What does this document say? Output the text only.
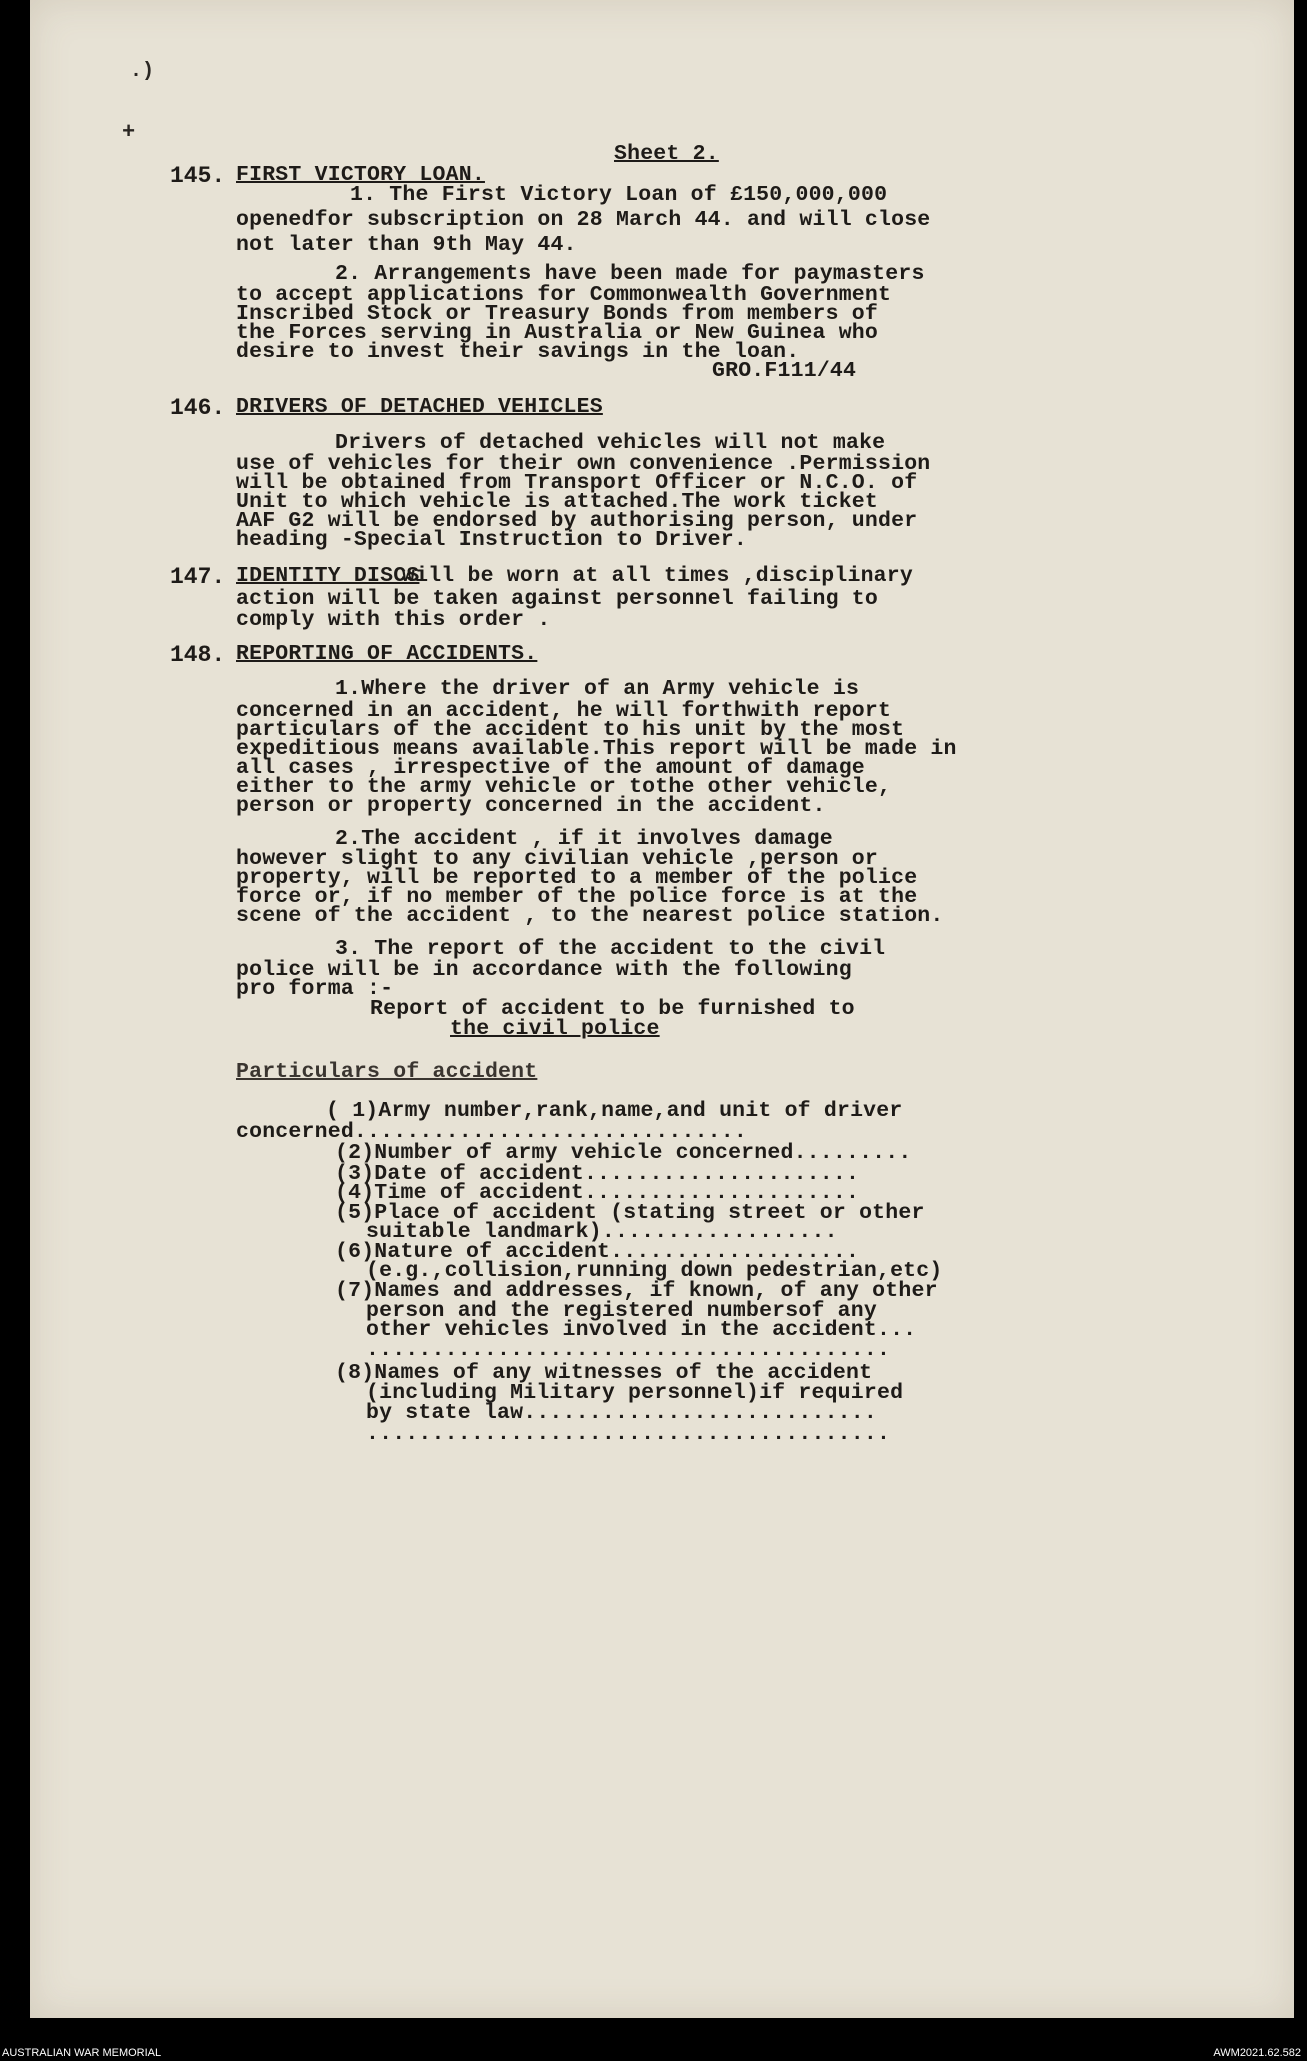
.)
+
Sheet 2.
145. FIRST VICTORY LOAN.
1. The First Victory Loan of £150,000,000
openedfor subscription on 28 March 44. and will close
not later than 9th May 44.
2. Arrangements have been made for paymasters
to accept applications for Commonwealth Government
Inscribed Stock or Treasury Bonds from members of
the Forces serving in Australia or New Guinea who
desire to invest their savings in the loan.
GRO.F111/44
146. DRIVERS OF DETACHED VEHICLES
Drivers of detached vehicles will not make
use of vehicles for their own convenience .Permission
will be obtained from Transport Officer or N.C.O. of
Unit to which vehicle is attached.The work ticket
AAF G2 will be endorsed by authorising person, under
heading -Special Instruction to Driver.
147. IDENTITY DISCS
will be worn at all times ,disciplinary
action will be taken against personnel failing to
comply with this order .
148. REPORTING OF ACCIDENTS.
1.Where the driver of an Army vehicle is
concerned in an accident, he will forthwith report
particulars of the accident to his unit by the most
expeditious means available.This report will be made in
all cases , irrespective of the amount of damage
either to the army vehicle or tothe other vehicle,
person or property concerned in the accident.
2.The accident , if it involves damage
however slight to any civilian vehicle ,person or
property, will be reported to a member of the police
force or, if no member of the police force is at the
scene of the accident , to the nearest police station.
3. The report of the accident to the civil
police will be in accordance with the following
pro forma :-
Report of accident to be furnished to
the civil police
Particulars of accident
( 1)Army number,rank,name,and unit of driver
concerned..............................
(2)Number of army vehicle concerned.........
(3)Date of accident.....................
(4)Time of accident.....................
(5)Place of accident (stating street or other
suitable landmark)..................
(6)Nature of accident...................
(e.g.,collision,running down pedestrian,etc)
(7)Names and addresses, if known, of any other
person and the registered numbersof any
other vehicles involved in the accident...
........................................
(8)Names of any witnesses of the accident
(including Military personnel)if required
by state law...........................
........................................
AUSTRALIAN WAR MEMORIAL	AWM2021.62.582
